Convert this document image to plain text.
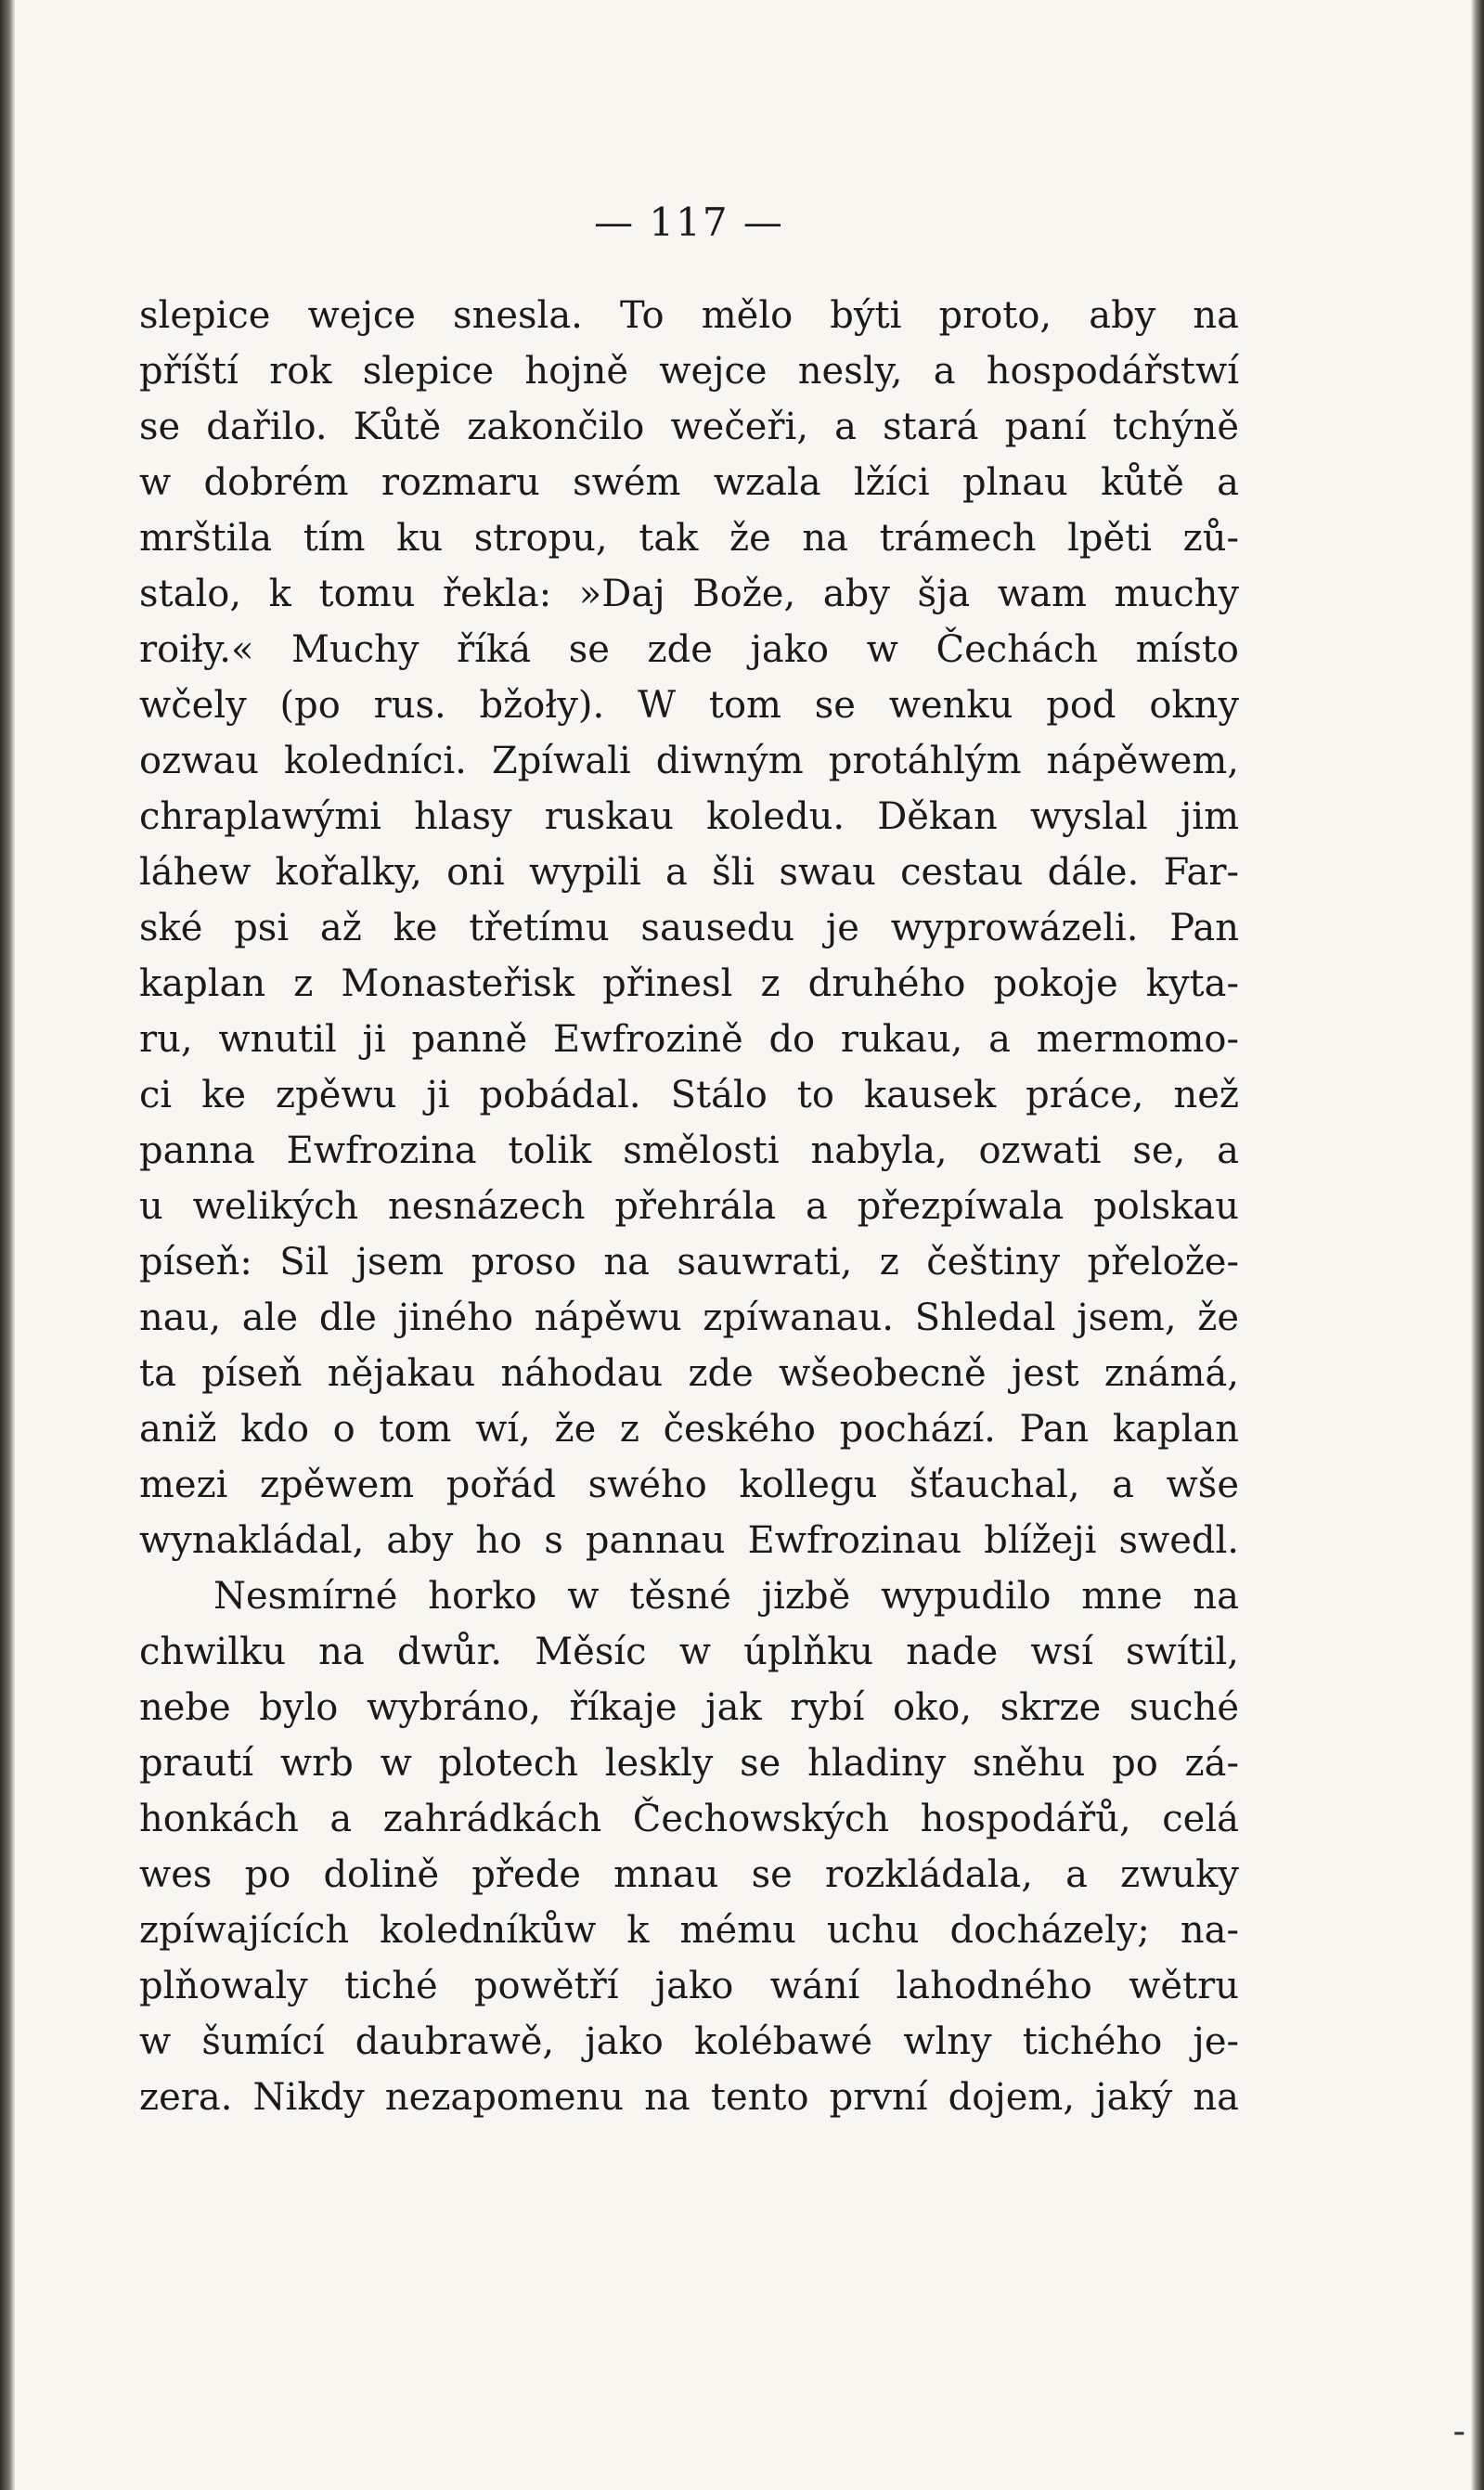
— 117 —
slepice wejce snesla. To mělo býti proto, aby na
příští rok slepice hojně wejce nesly, a hospodářstwí
se dařilo. Kůtě zakončilo wečeři, a stará paní tchýně
w dobrém rozmaru swém wzala lžíci plnau kůtě a
mrštila tím ku stropu, tak že na trámech lpěti zů-
stalo, k tomu řekla: »Daj Bože, aby šja wam muchy
roiły.« Muchy říká se zde jako w Čechách místo
wčely (po rus. bžoły). W tom se wenku pod okny
ozwau koledníci. Zpíwali diwným protáhlým nápěwem,
chraplawými hlasy ruskau koledu. Děkan wyslal jim
láhew kořalky, oni wypili a šli swau cestau dále. Far-
ské psi až ke třetímu sausedu je wyprowázeli. Pan
kaplan z Monasteřisk přinesl z druhého pokoje kyta-
ru, wnutil ji panně Ewfrozině do rukau, a mermomo-
ci ke zpěwu ji pobádal. Stálo to kausek práce, než
panna Ewfrozina tolik smělosti nabyla, ozwati se, a
u welikých nesnázech přehrála a přezpíwala polskau
píseň: Sil jsem proso na sauwrati, z češtiny přelože-
nau, ale dle jiného nápěwu zpíwanau. Shledal jsem, že
ta píseň nějakau náhodau zde wšeobecně jest známá,
aniž kdo o tom wí, že z českého pochází. Pan kaplan
mezi zpěwem pořád swého kollegu šťauchal, a wše
wynakládal, aby ho s pannau Ewfrozinau blížeji swedl.
Nesmírné horko w těsné jizbě wypudilo mne na
chwilku na dwůr. Měsíc w úplňku nade wsí swítil,
nebe bylo wybráno, říkaje jak rybí oko, skrze suché
prautí wrb w plotech leskly se hladiny sněhu po zá-
honkách a zahrádkách Čechowských hospodářů, celá
wes po dolině přede mnau se rozkládala, a zwuky
zpíwajících koledníkůw k mému uchu docházely; na-
plňowaly tiché powětří jako wání lahodného wětru
w šumící daubrawě, jako kolébawé wlny tichého je-
zera. Nikdy nezapomenu na tento první dojem, jaký na
-
